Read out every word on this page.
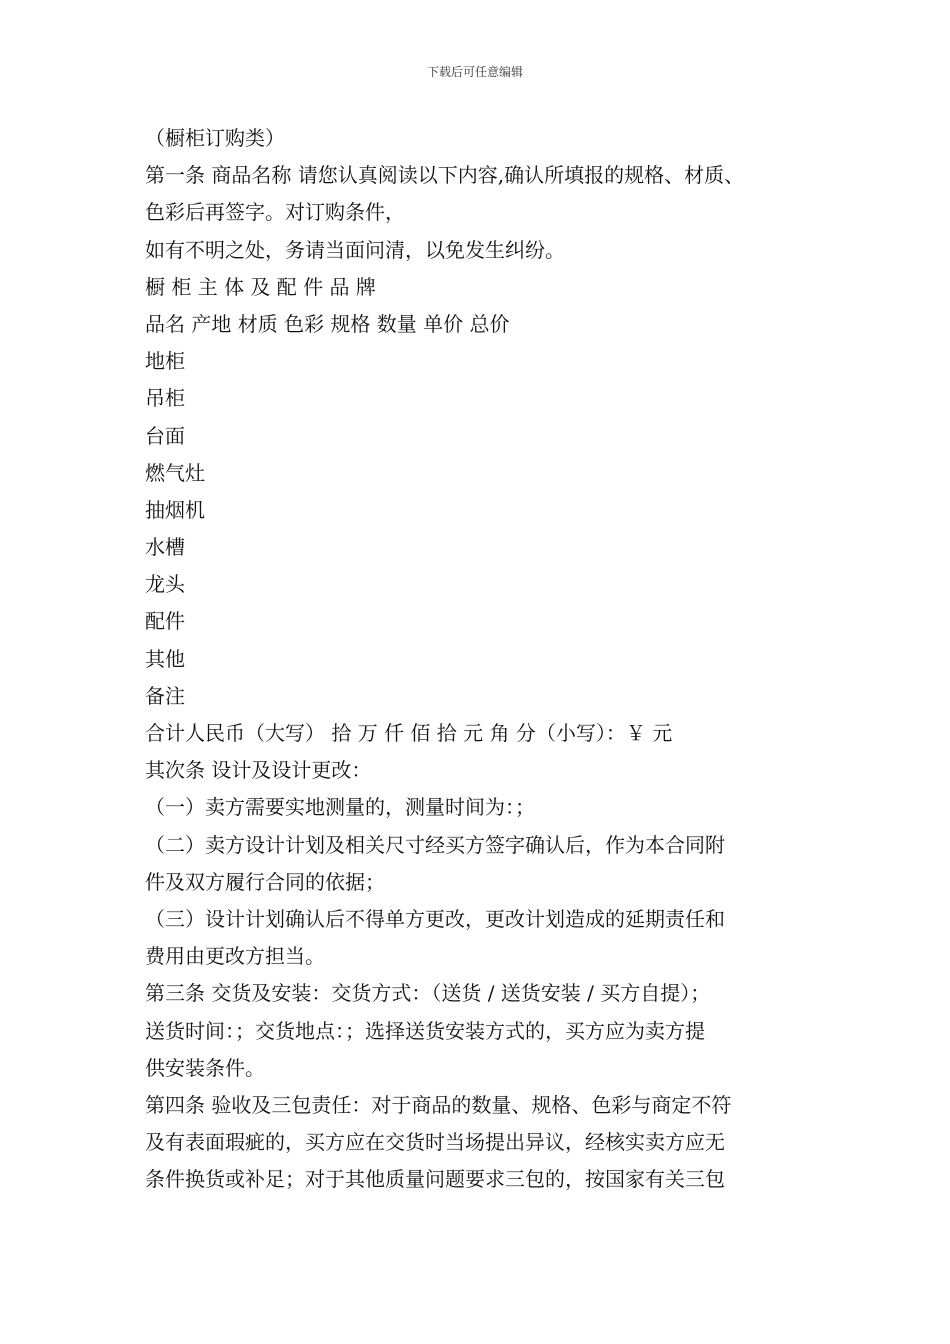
下载后可任意编辑
（橱柜订购类）
第一条 商品名称 请您认真阅读以下内容,确认所填报的规格、材质、
色彩后再签字。对订购条件，
如有不明之处，务请当面问清，以免发生纠纷。
橱 柜 主 体 及 配 件 品 牌
品名 产地 材质 色彩 规格 数量 单价 总价
地柜
吊柜
台面
燃气灶
抽烟机
水槽
龙头
配件
其他
备注
合计人民币（大写） 拾 万 仟 佰 拾 元 角 分（小写）：￥ 元
其次条 设计及设计更改：
（一）卖方需要实地测量的，测量时间为：；
（二）卖方设计计划及相关尺寸经买方签字确认后，作为本合同附
件及双方履行合同的依据；
（三）设计计划确认后不得单方更改，更改计划造成的延期责任和
费用由更改方担当。
第三条 交货及安装：交货方式：（送货 / 送货安装 / 买方自提）；
送货时间：；交货地点：；选择送货安装方式的，买方应为卖方提
供安装条件。
第四条 验收及三包责任：对于商品的数量、规格、色彩与商定不符
及有表面瑕疵的，买方应在交货时当场提出异议，经核实卖方应无
条件换货或补足；对于其他质量问题要求三包的，按国家有关三包
